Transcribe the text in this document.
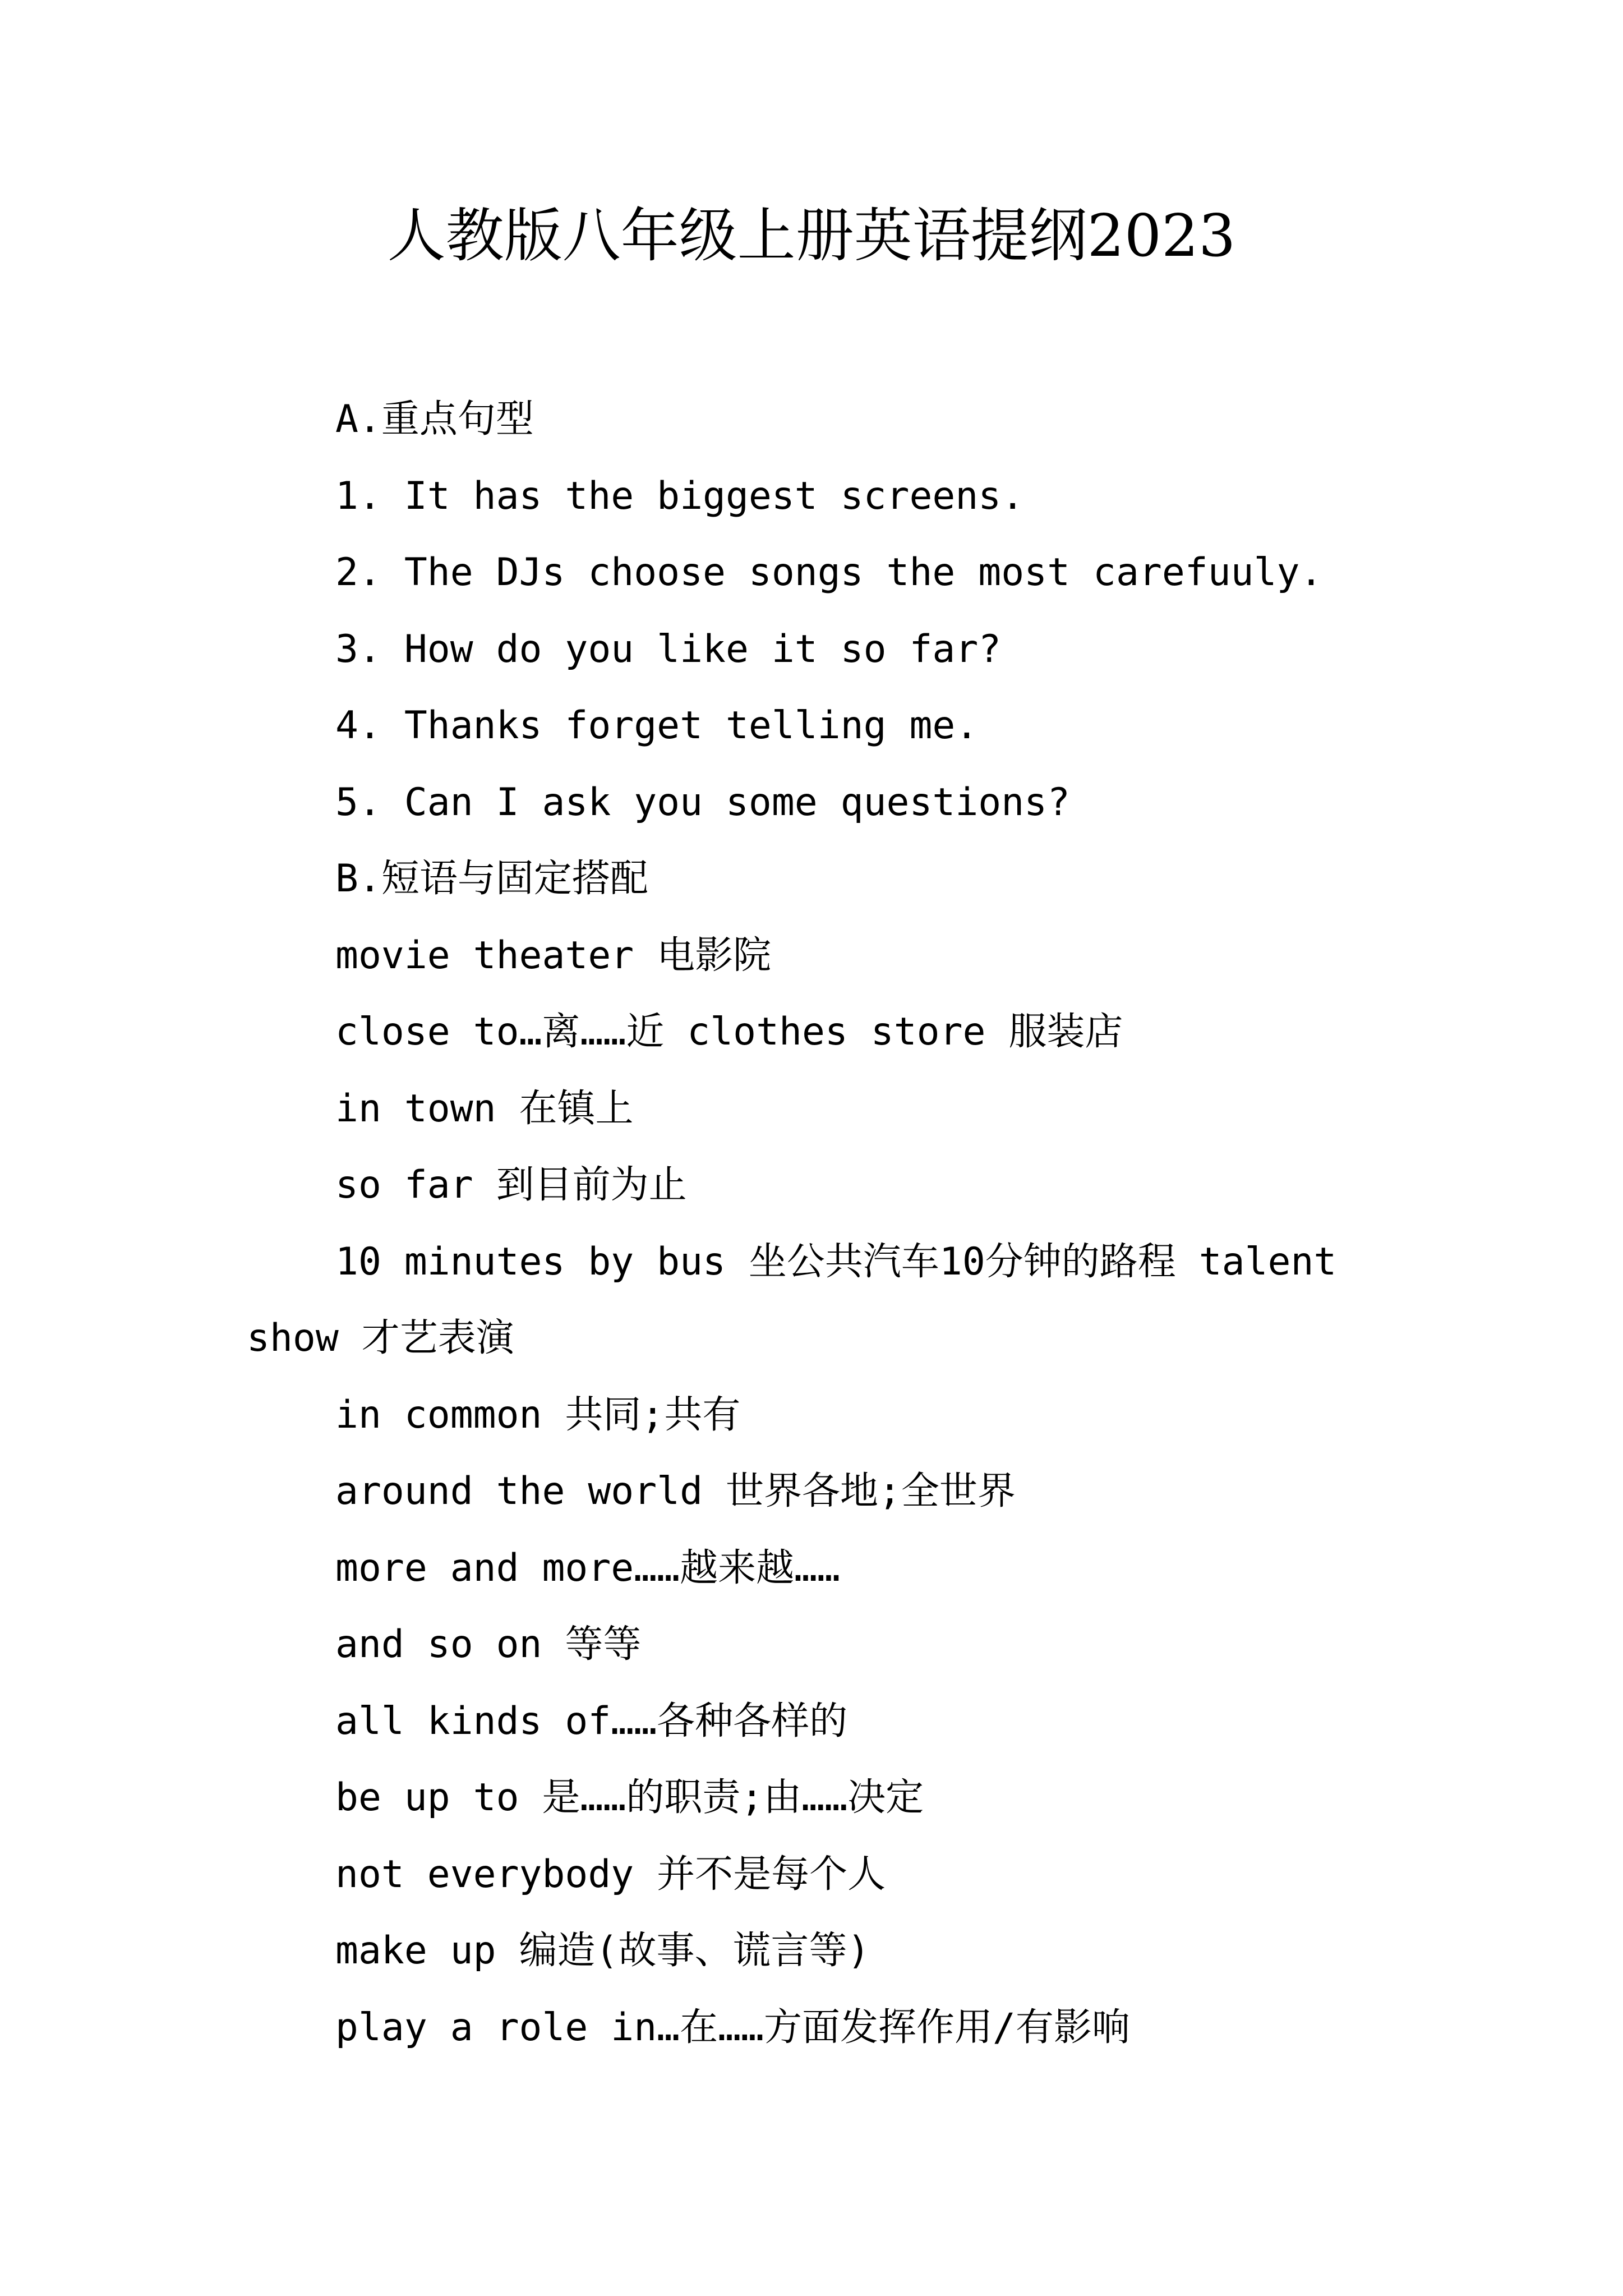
人教版八年级上册英语提纲2023
A.重点句型
1. It has the biggest screens.
2. The DJs choose songs the most carefuuly.
3. How do you like it so far?
4. Thanks forget telling me.
5. Can I ask you some questions?
B.短语与固定搭配
movie theater 电影院
close to…离……近 clothes store 服装店
in town 在镇上
so far 到目前为止
10 minutes by bus 坐公共汽车10分钟的路程 talent show 才艺表演
in common 共同;共有
around the world 世界各地;全世界
more and more……越来越……
and so on 等等
all kinds of……各种各样的
be up to 是……的职责;由……决定
not everybody 并不是每个人
make up 编造(故事、谎言等)
play a role in…在……方面发挥作用/有影响
